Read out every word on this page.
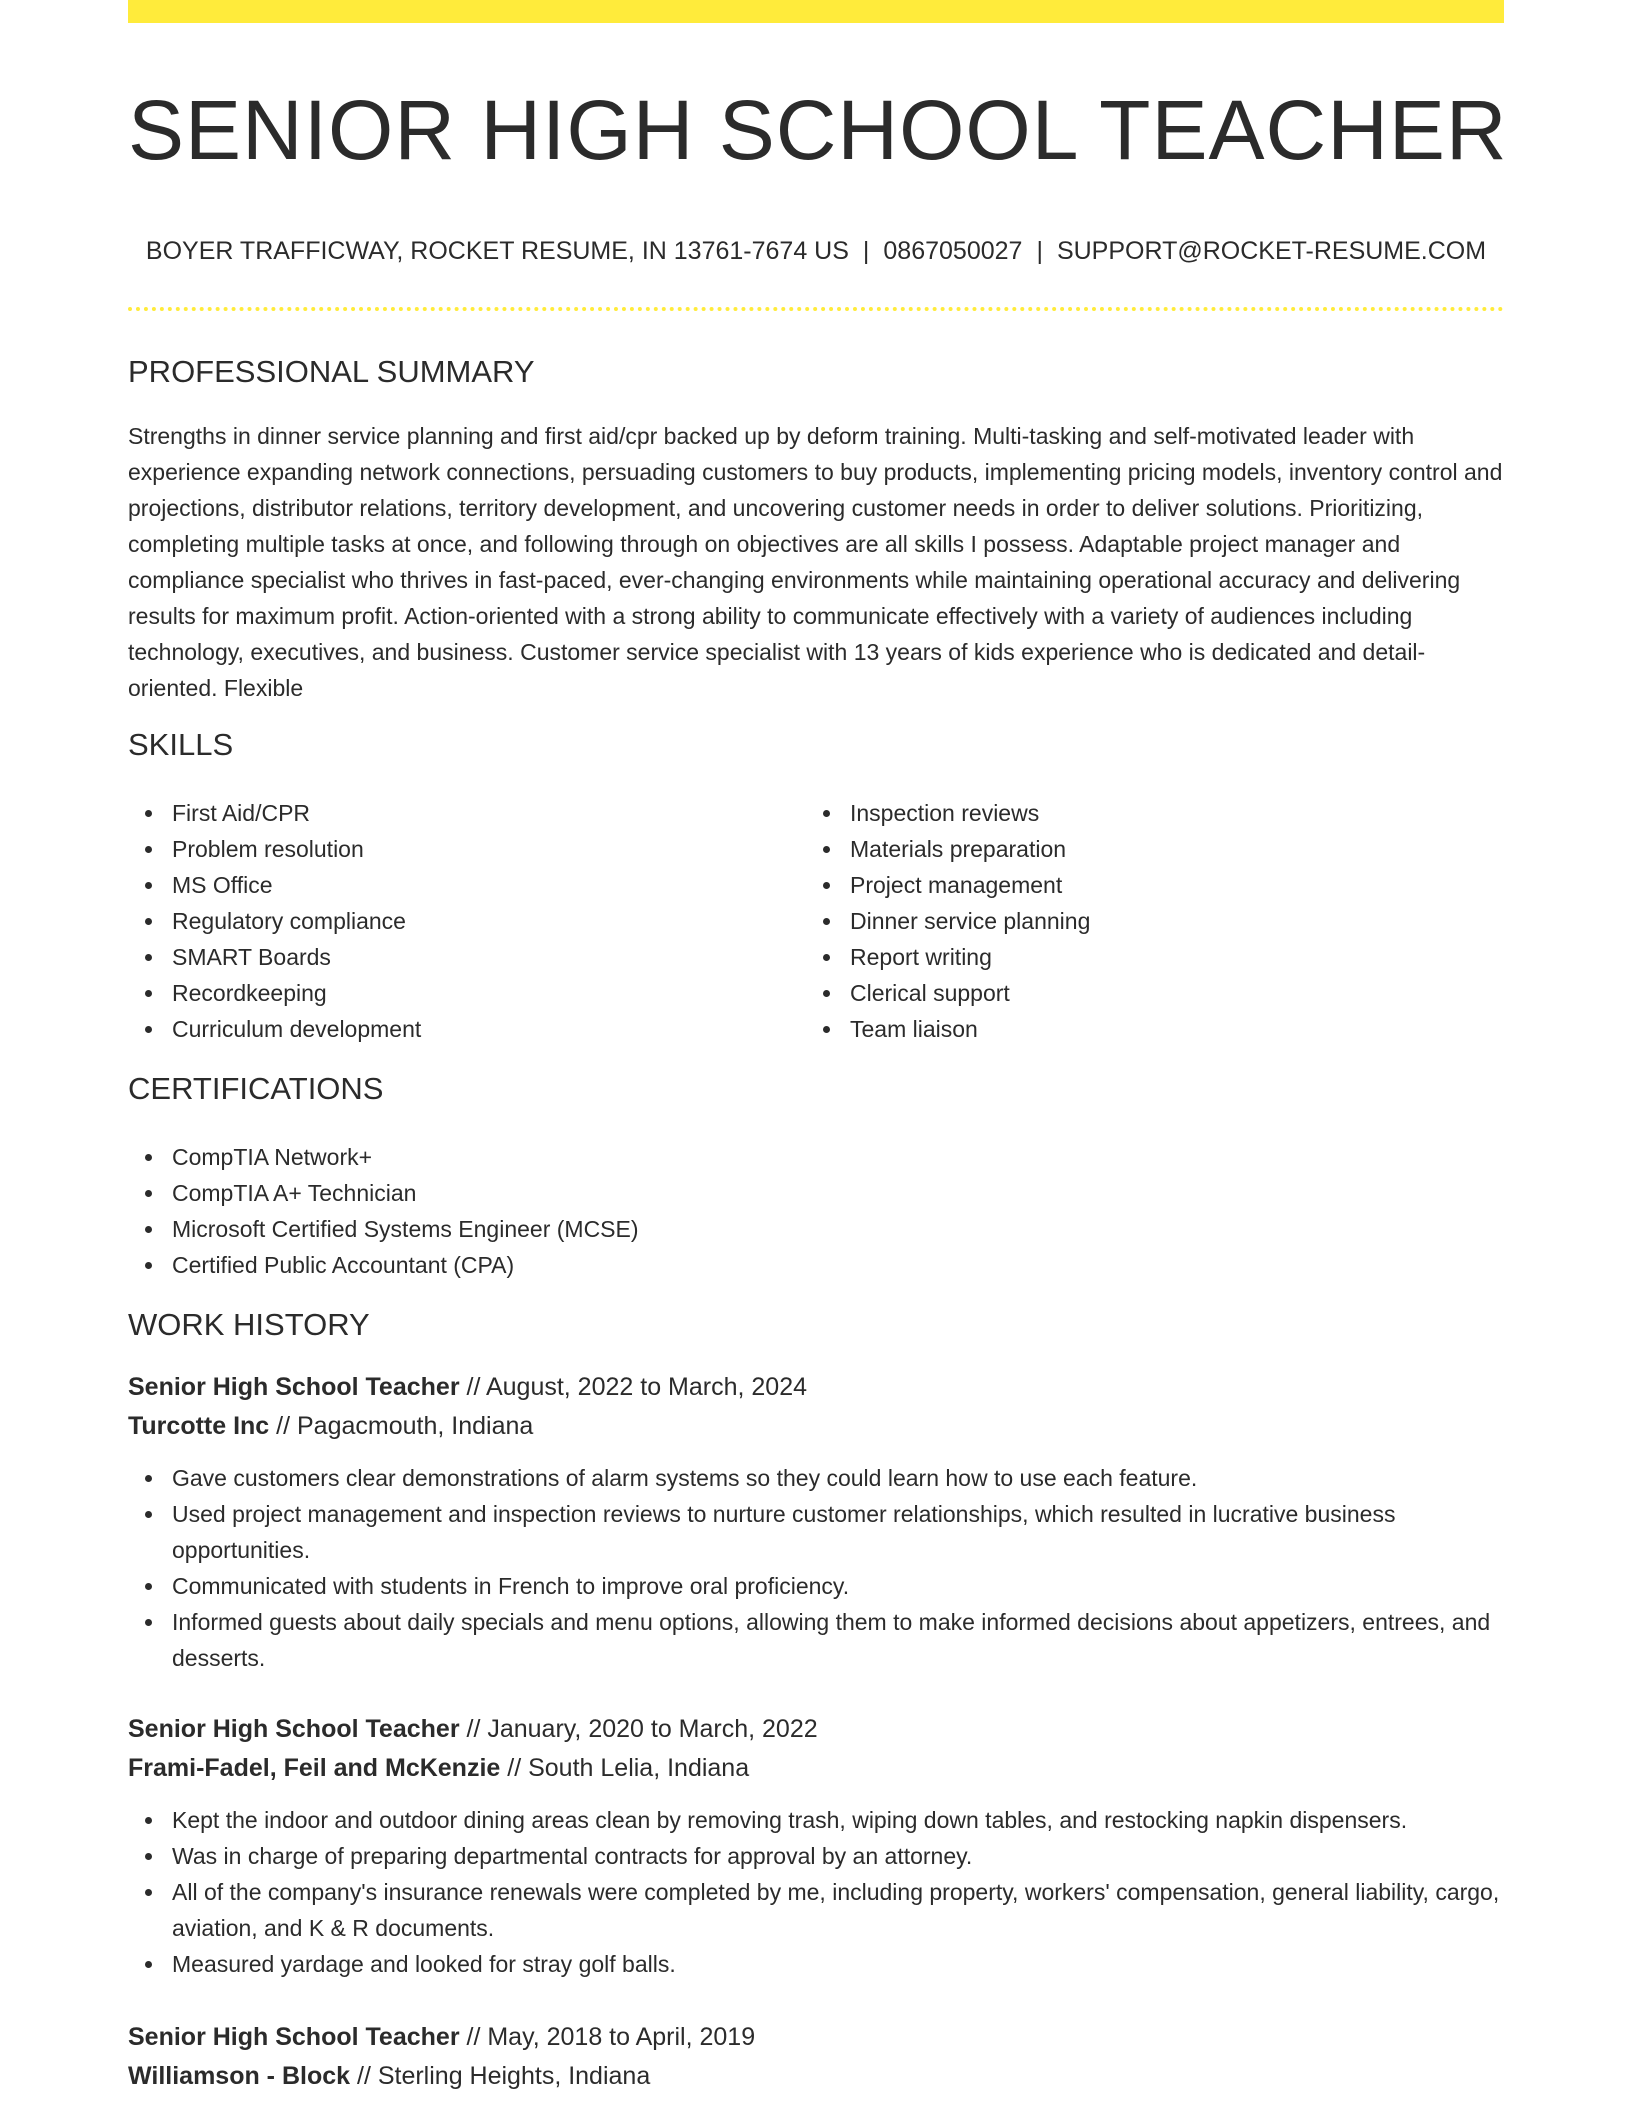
SENIOR HIGH SCHOOL TEACHER
BOYER TRAFFICWAY, ROCKET RESUME, IN 13761-7674 US | 0867050027 | SUPPORT@ROCKET-RESUME.COM
PROFESSIONAL SUMMARY
Strengths in dinner service planning and first aid/cpr backed up by deform training. Multi-tasking and self-motivated leader with experience expanding network connections, persuading customers to buy products, implementing pricing models, inventory control and projections, distributor relations, territory development, and uncovering customer needs in order to deliver solutions. Prioritizing, completing multiple tasks at once, and following through on objectives are all skills I possess. Adaptable project manager and compliance specialist who thrives in fast-paced, ever-changing environments while maintaining operational accuracy and delivering results for maximum profit. Action-oriented with a strong ability to communicate effectively with a variety of audiences including technology, executives, and business. Customer service specialist with 13 years of kids experience who is dedicated and detail-oriented. Flexible
SKILLS
First Aid/CPR
Problem resolution
MS Office
Regulatory compliance
SMART Boards
Recordkeeping
Curriculum development
Inspection reviews
Materials preparation
Project management
Dinner service planning
Report writing
Clerical support
Team liaison
CERTIFICATIONS
CompTIA Network+
CompTIA A+ Technician
Microsoft Certified Systems Engineer (MCSE)
Certified Public Accountant (CPA)
WORK HISTORY
Senior High School Teacher // August, 2022 to March, 2024
Turcotte Inc // Pagacmouth, Indiana
Gave customers clear demonstrations of alarm systems so they could learn how to use each feature.
Used project management and inspection reviews to nurture customer relationships, which resulted in lucrative business opportunities.
Communicated with students in French to improve oral proficiency.
Informed guests about daily specials and menu options, allowing them to make informed decisions about appetizers, entrees, and desserts.
Senior High School Teacher // January, 2020 to March, 2022
Frami-Fadel, Feil and McKenzie // South Lelia, Indiana
Kept the indoor and outdoor dining areas clean by removing trash, wiping down tables, and restocking napkin dispensers.
Was in charge of preparing departmental contracts for approval by an attorney.
All of the company's insurance renewals were completed by me, including property, workers' compensation, general liability, cargo, aviation, and K & R documents.
Measured yardage and looked for stray golf balls.
Senior High School Teacher // May, 2018 to April, 2019
Williamson - Block // Sterling Heights, Indiana
